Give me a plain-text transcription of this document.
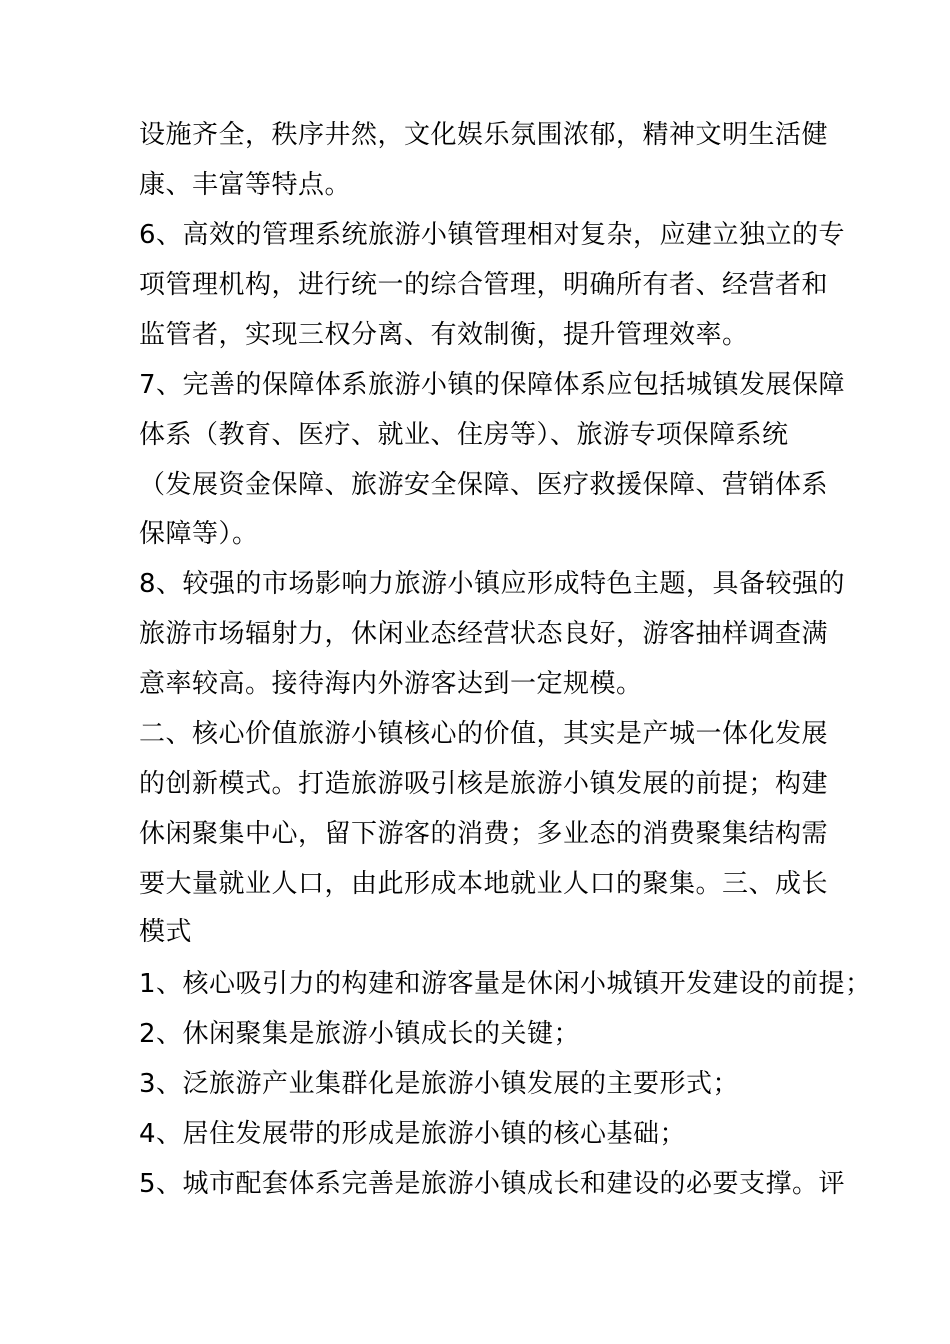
设施齐全，秩序井然，文化娱乐氛围浓郁，精神文明生活健
康、丰富等特点。
6、高效的管理系统旅游小镇管理相对复杂，应建立独立的专
项管理机构，进行统一的综合管理，明确所有者、经营者和
监管者，实现三权分离、有效制衡，提升管理效率。
7、完善的保障体系旅游小镇的保障体系应包括城镇发展保障
体系（教育、医疗、就业、住房等）、旅游专项保障系统
（发展资金保障、旅游安全保障、医疗救援保障、营销体系
保障等）。
8、较强的市场影响力旅游小镇应形成特色主题，具备较强的
旅游市场辐射力，休闲业态经营状态良好，游客抽样调查满
意率较高。接待海内外游客达到一定规模。
二、核心价值旅游小镇核心的价值，其实是产城一体化发展
的创新模式。打造旅游吸引核是旅游小镇发展的前提；构建
休闲聚集中心，留下游客的消费；多业态的消费聚集结构需
要大量就业人口，由此形成本地就业人口的聚集。三、成长
模式
1、核心吸引力的构建和游客量是休闲小城镇开发建设的前提；
2、休闲聚集是旅游小镇成长的关键；
3、泛旅游产业集群化是旅游小镇发展的主要形式；
4、居住发展带的形成是旅游小镇的核心基础；
5、城市配套体系完善是旅游小镇成长和建设的必要支撑。评
